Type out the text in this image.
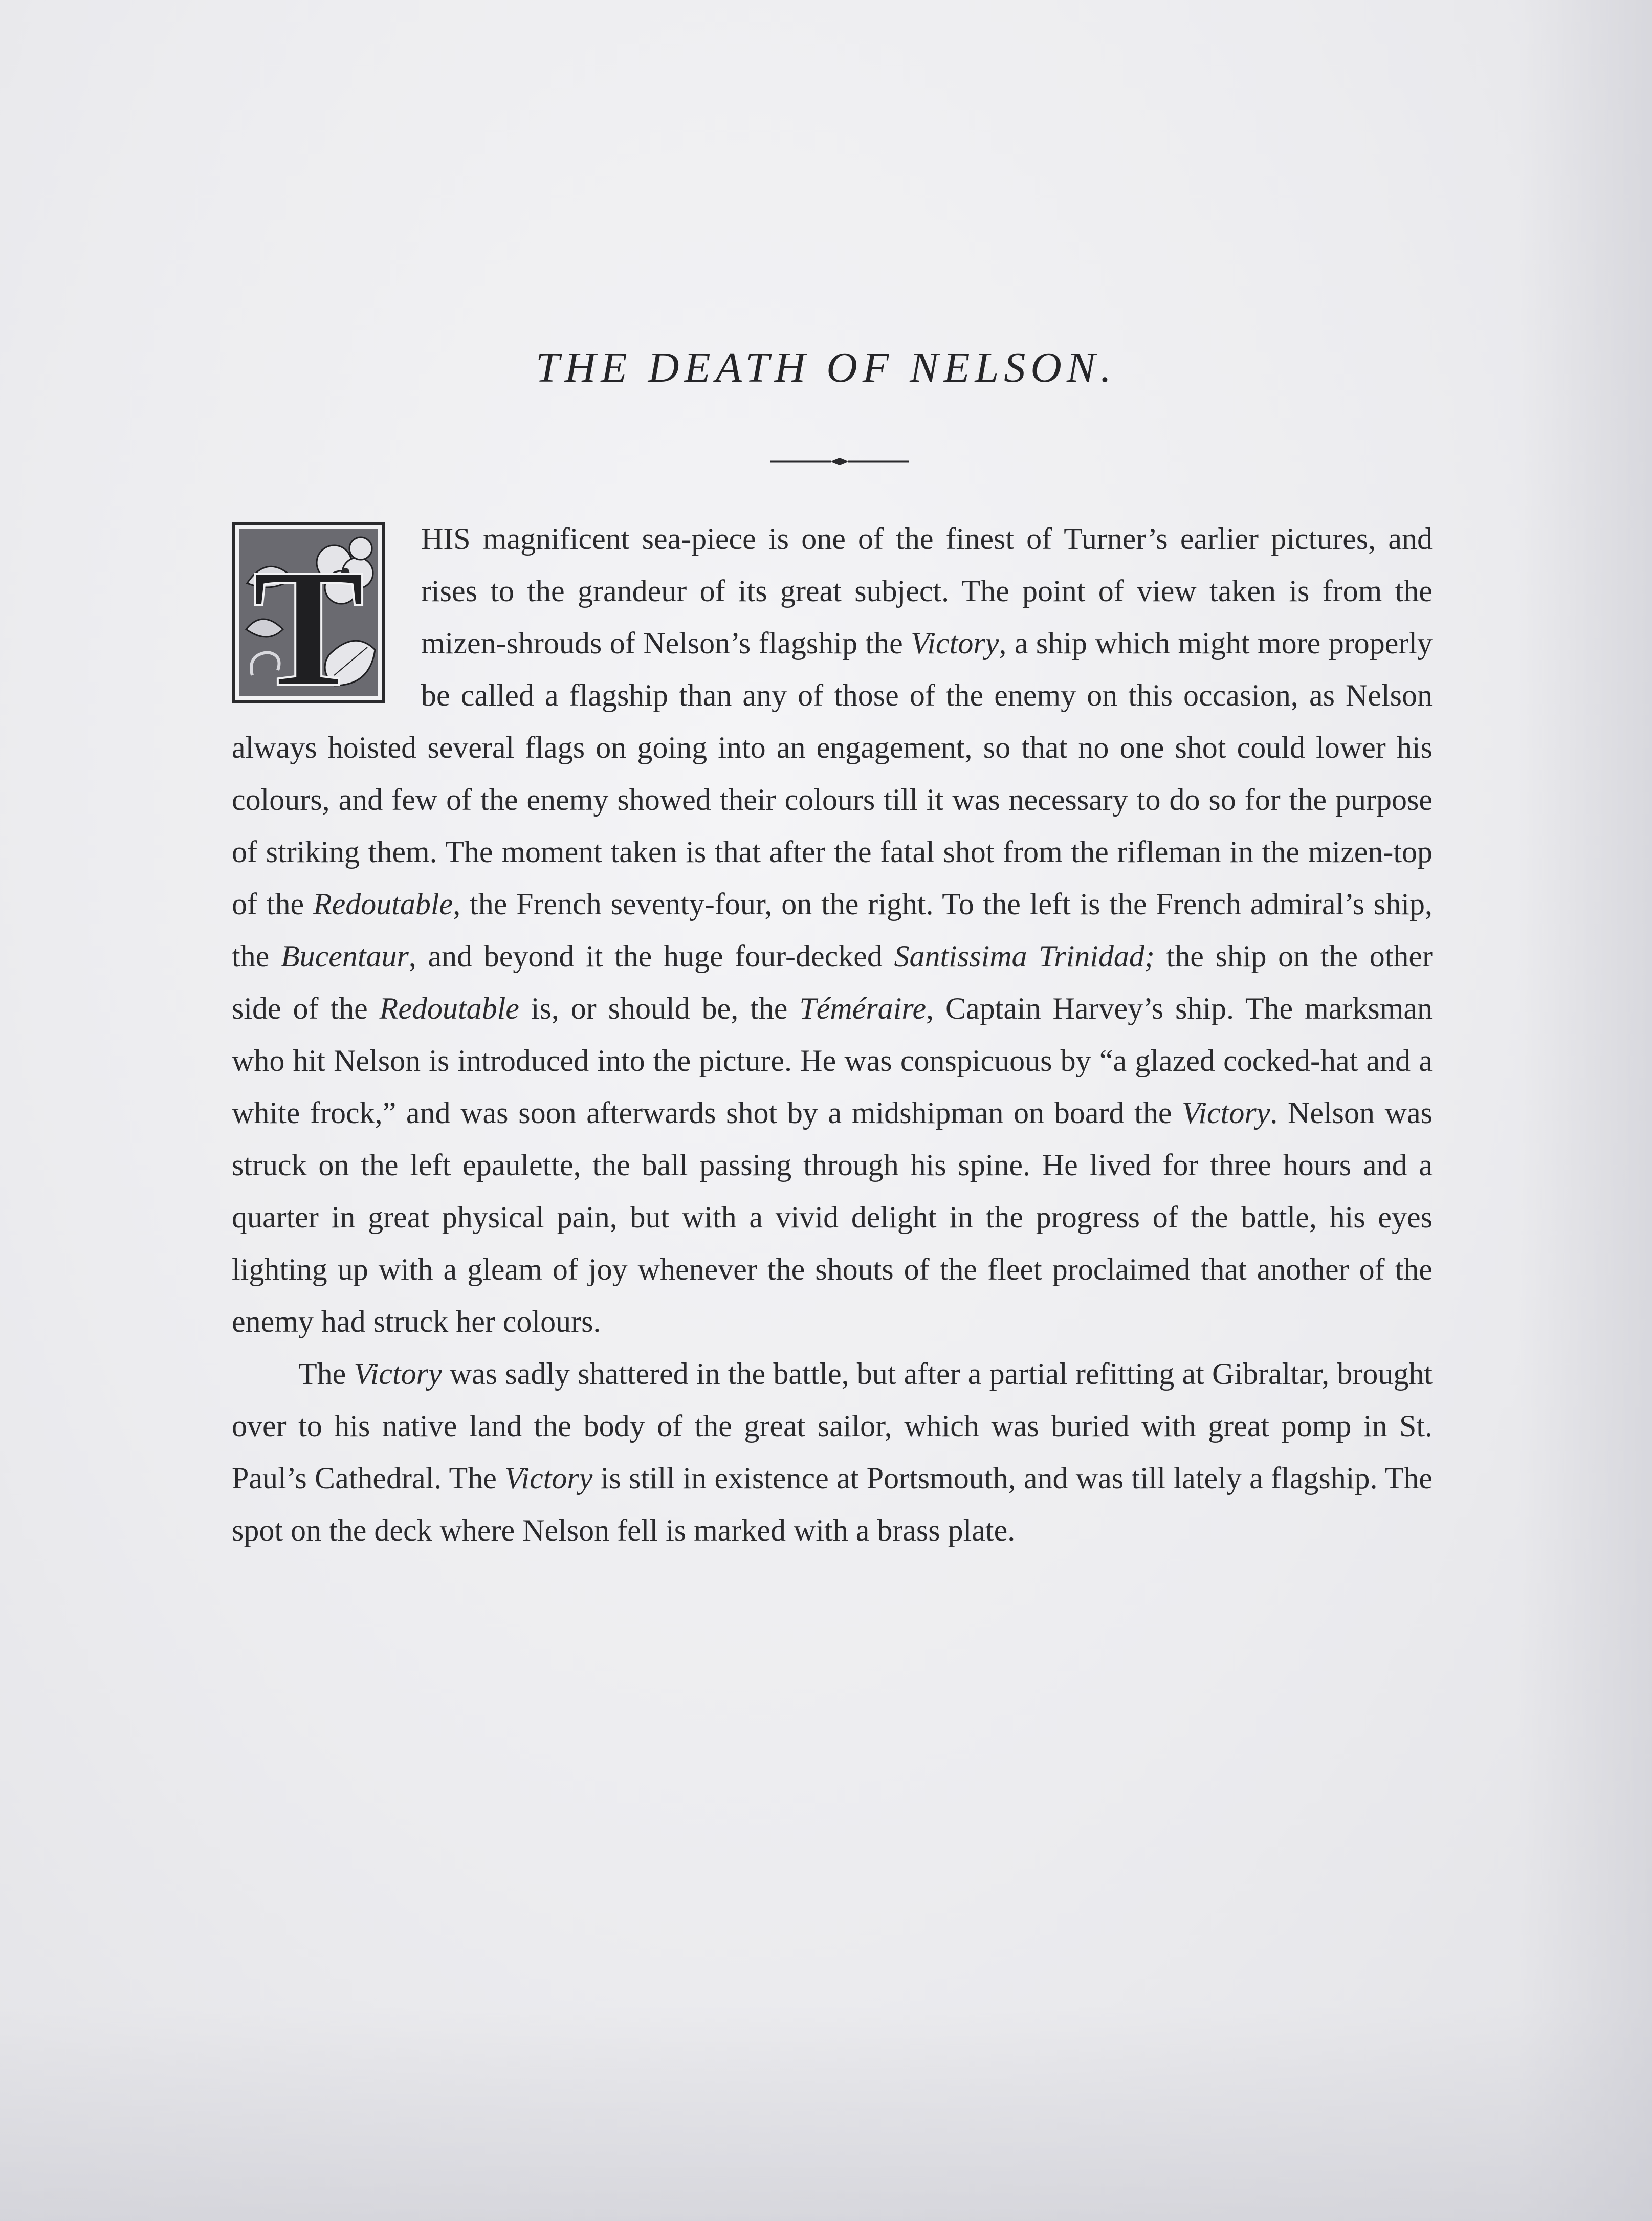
THE DEATH OF NELSON.

T HIS magnificent sea-piece is one of the finest of Turner’s earlier pictures, and rises to the grandeur of its great subject. The point of view taken is from the mizen-shrouds of Nelson’s flagship the Victory, a ship which might more properly be called a flagship than any of those of the enemy on this occasion, as Nelson always hoisted several flags on going into an engagement, so that no one shot could lower his colours, and few of the enemy showed their colours till it was necessary to do so for the purpose of striking them. The moment taken is that after the fatal shot from the rifleman in the mizen-top of the Redoutable, the French seventy-four, on the right. To the left is the French admiral’s ship, the Bucentaur, and beyond it the huge four-decked Santissima Trinidad; the ship on the other side of the Redoutable is, or should be, the Téméraire, Captain Harvey’s ship. The marksman who hit Nelson is introduced into the picture. He was conspicuous by “a glazed cocked-hat and a white frock,” and was soon afterwards shot by a midshipman on board the Victory. Nelson was struck on the left epaulette, the ball passing through his spine. He lived for three hours and a quarter in great physical pain, but with a vivid delight in the progress of the battle, his eyes lighting up with a gleam of joy whenever the shouts of the fleet proclaimed that another of the enemy had struck her colours.

The Victory was sadly shattered in the battle, but after a partial refitting at Gibraltar, brought over to his native land the body of the great sailor, which was buried with great pomp in St. Paul’s Cathedral. The Victory is still in existence at Portsmouth, and was till lately a flagship. The spot on the deck where Nelson fell is marked with a brass plate.
